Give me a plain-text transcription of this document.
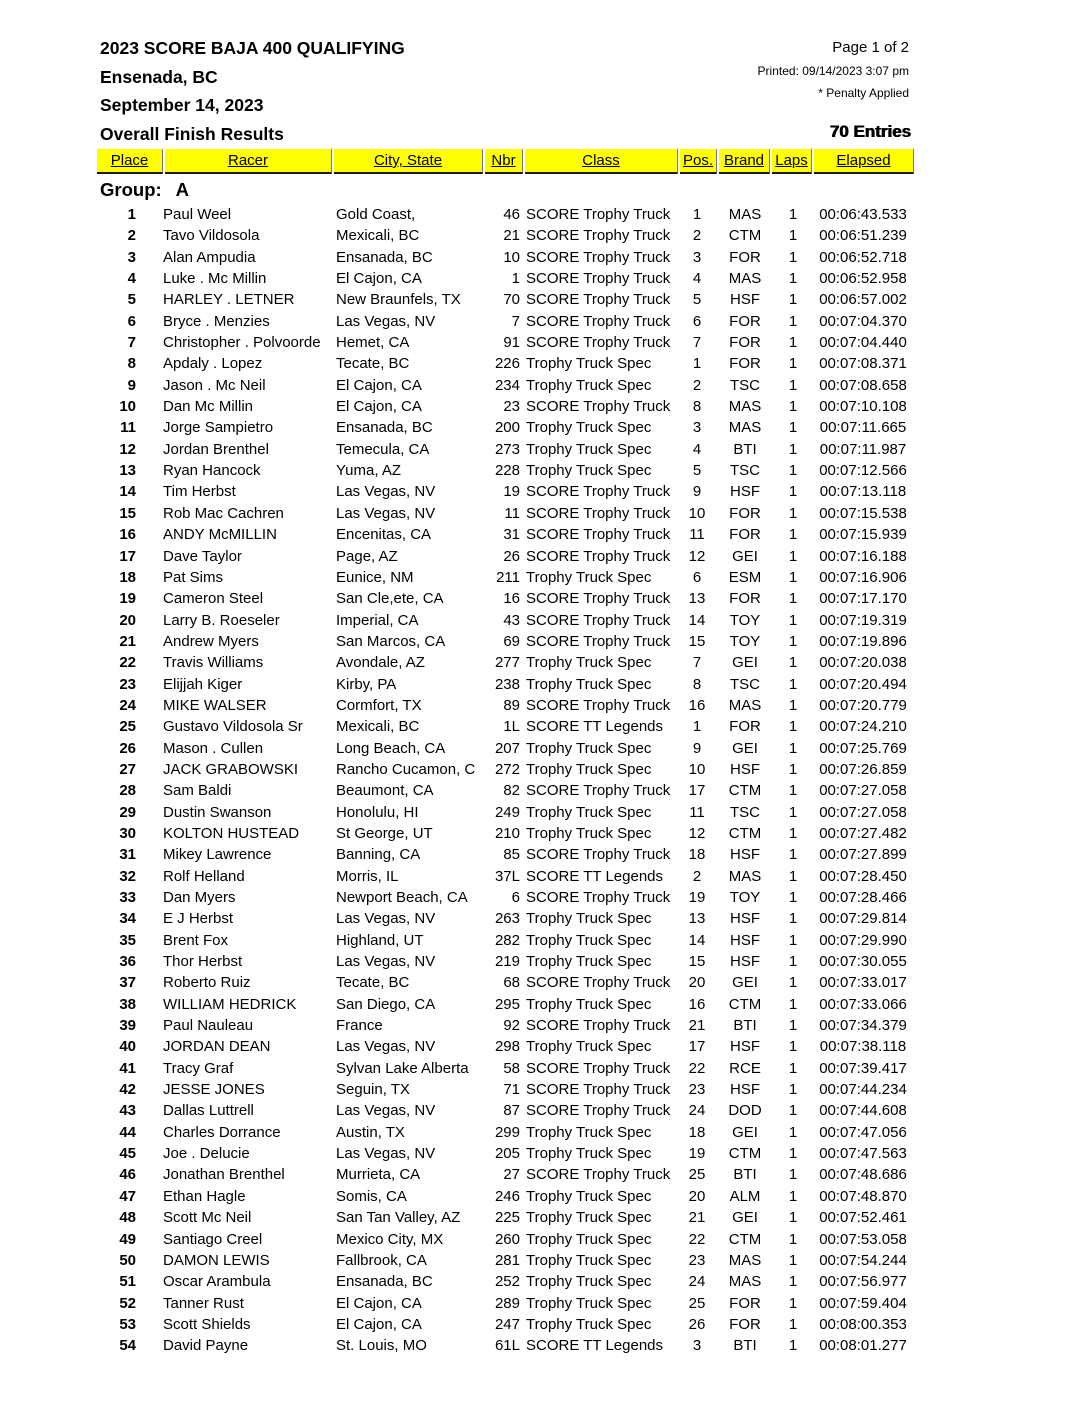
2023 SCORE BAJA 400 QUALIFYING
Ensenada, BC
September 14, 2023
Overall Finish Results
Page 1 of 2
Printed: 09/14/2023 3:07 pm
* Penalty Applied
70 Entries
Place	Racer	City, State	Nbr	Class	Pos. Brand Laps	Elapsed
Group: A
1 Paul Weel	Gold Coast,	46 SCORE Trophy Truck	1	MAS	1	00:06:43.533
2 Tavo Vildosola	Mexicali, BC	21 SCORE Trophy Truck	2	CTM	1	00:06:51.239
3 Alan Ampudia	Ensanada, BC	10 SCORE Trophy Truck	3	FOR	1	00:06:52.718
4 Luke . Mc Millin	El Cajon, CA	1 SCORE Trophy Truck	4	MAS	1	00:06:52.958
5 HARLEY . LETNER	New Braunfels, TX	70 SCORE Trophy Truck	5	HSF	1	00:06:57.002
6 Bryce . Menzies	Las Vegas, NV	7 SCORE Trophy Truck	6	FOR	1	00:07:04.370
7 Christopher . Polvoorde	Hemet, CA	91 SCORE Trophy Truck	7	FOR	1	00:07:04.440
8 Apdaly . Lopez	Tecate, BC	226 Trophy Truck Spec	1	FOR	1	00:07:08.371
9 Jason . Mc Neil	El Cajon, CA	234 Trophy Truck Spec	2	TSC	1	00:07:08.658
10 Dan Mc Millin	El Cajon, CA	23 SCORE Trophy Truck	8	MAS	1	00:07:10.108
11 Jorge Sampietro	Ensanada, BC	200 Trophy Truck Spec	3	MAS	1	00:07:11.665
12 Jordan Brenthel	Temecula, CA	273 Trophy Truck Spec	4	BTI	1	00:07:11.987
13 Ryan Hancock	Yuma, AZ	228 Trophy Truck Spec	5	TSC	1	00:07:12.566
14 Tim Herbst	Las Vegas, NV	19 SCORE Trophy Truck	9	HSF	1	00:07:13.118
15 Rob Mac Cachren	Las Vegas, NV	11 SCORE Trophy Truck	10	FOR	1	00:07:15.538
16 ANDY McMILLIN	Encenitas, CA	31 SCORE Trophy Truck	11	FOR	1	00:07:15.939
17 Dave Taylor	Page, AZ	26 SCORE Trophy Truck	12	GEI	1	00:07:16.188
18 Pat Sims	Eunice, NM	211 Trophy Truck Spec	6	ESM	1	00:07:16.906
19 Cameron Steel	San Cle,ete, CA	16 SCORE Trophy Truck	13	FOR	1	00:07:17.170
20 Larry B. Roeseler	Imperial, CA	43 SCORE Trophy Truck	14	TOY	1	00:07:19.319
21 Andrew Myers	San Marcos, CA	69 SCORE Trophy Truck	15	TOY	1	00:07:19.896
22 Travis Williams	Avondale, AZ	277 Trophy Truck Spec	7	GEI	1	00:07:20.038
23 Elijjah Kiger	Kirby, PA	238 Trophy Truck Spec	8	TSC	1	00:07:20.494
24 MIKE WALSER	Cormfort, TX	89 SCORE Trophy Truck	16	MAS	1	00:07:20.779
25 Gustavo Vildosola Sr	Mexicali, BC	1L SCORE TT Legends	1	FOR	1	00:07:24.210
26 Mason . Cullen	Long Beach, CA	207 Trophy Truck Spec	9	GEI	1	00:07:25.769
27 JACK GRABOWSKI	Rancho Cucamon, C	272 Trophy Truck Spec	10	HSF	1	00:07:26.859
28 Sam Baldi	Beaumont, CA	82 SCORE Trophy Truck	17	CTM	1	00:07:27.058
29 Dustin Swanson	Honolulu, HI	249 Trophy Truck Spec	11	TSC	1	00:07:27.058
30 KOLTON HUSTEAD	St George, UT	210 Trophy Truck Spec	12	CTM	1	00:07:27.482
31 Mikey Lawrence	Banning, CA	85 SCORE Trophy Truck	18	HSF	1	00:07:27.899
32 Rolf Helland	Morris, IL	37L SCORE TT Legends	2	MAS	1	00:07:28.450
33 Dan Myers	Newport Beach, CA	6 SCORE Trophy Truck	19	TOY	1	00:07:28.466
34 E J Herbst	Las Vegas, NV	263 Trophy Truck Spec	13	HSF	1	00:07:29.814
35 Brent Fox	Highland, UT	282 Trophy Truck Spec	14	HSF	1	00:07:29.990
36 Thor Herbst	Las Vegas, NV	219 Trophy Truck Spec	15	HSF	1	00:07:30.055
37 Roberto Ruiz	Tecate, BC	68 SCORE Trophy Truck	20	GEI	1	00:07:33.017
38 WILLIAM HEDRICK	San Diego, CA	295 Trophy Truck Spec	16	CTM	1	00:07:33.066
39 Paul Nauleau	France	92 SCORE Trophy Truck	21	BTI	1	00:07:34.379
40 JORDAN DEAN	Las Vegas, NV	298 Trophy Truck Spec	17	HSF	1	00:07:38.118
41 Tracy Graf	Sylvan Lake Alberta	58 SCORE Trophy Truck	22	RCE	1	00:07:39.417
42 JESSE JONES	Seguin, TX	71 SCORE Trophy Truck	23	HSF	1	00:07:44.234
43 Dallas Luttrell	Las Vegas, NV	87 SCORE Trophy Truck	24	DOD	1	00:07:44.608
44 Charles Dorrance	Austin, TX	299 Trophy Truck Spec	18	GEI	1	00:07:47.056
45 Joe . Delucie	Las Vegas, NV	205 Trophy Truck Spec	19	CTM	1	00:07:47.563
46 Jonathan Brenthel	Murrieta, CA	27 SCORE Trophy Truck	25	BTI	1	00:07:48.686
47 Ethan Hagle	Somis, CA	246 Trophy Truck Spec	20	ALM	1	00:07:48.870
48 Scott Mc Neil	San Tan Valley, AZ	225 Trophy Truck Spec	21	GEI	1	00:07:52.461
49 Santiago Creel	Mexico City, MX	260 Trophy Truck Spec	22	CTM	1	00:07:53.058
50 DAMON LEWIS	Fallbrook, CA	281 Trophy Truck Spec	23	MAS	1	00:07:54.244
51 Oscar Arambula	Ensanada, BC	252 Trophy Truck Spec	24	MAS	1	00:07:56.977
52 Tanner Rust	El Cajon, CA	289 Trophy Truck Spec	25	FOR	1	00:07:59.404
53 Scott Shields	El Cajon, CA	247 Trophy Truck Spec	26	FOR	1	00:08:00.353
54 David Payne	St. Louis, MO	61L SCORE TT Legends	3	BTI	1	00:08:01.277
